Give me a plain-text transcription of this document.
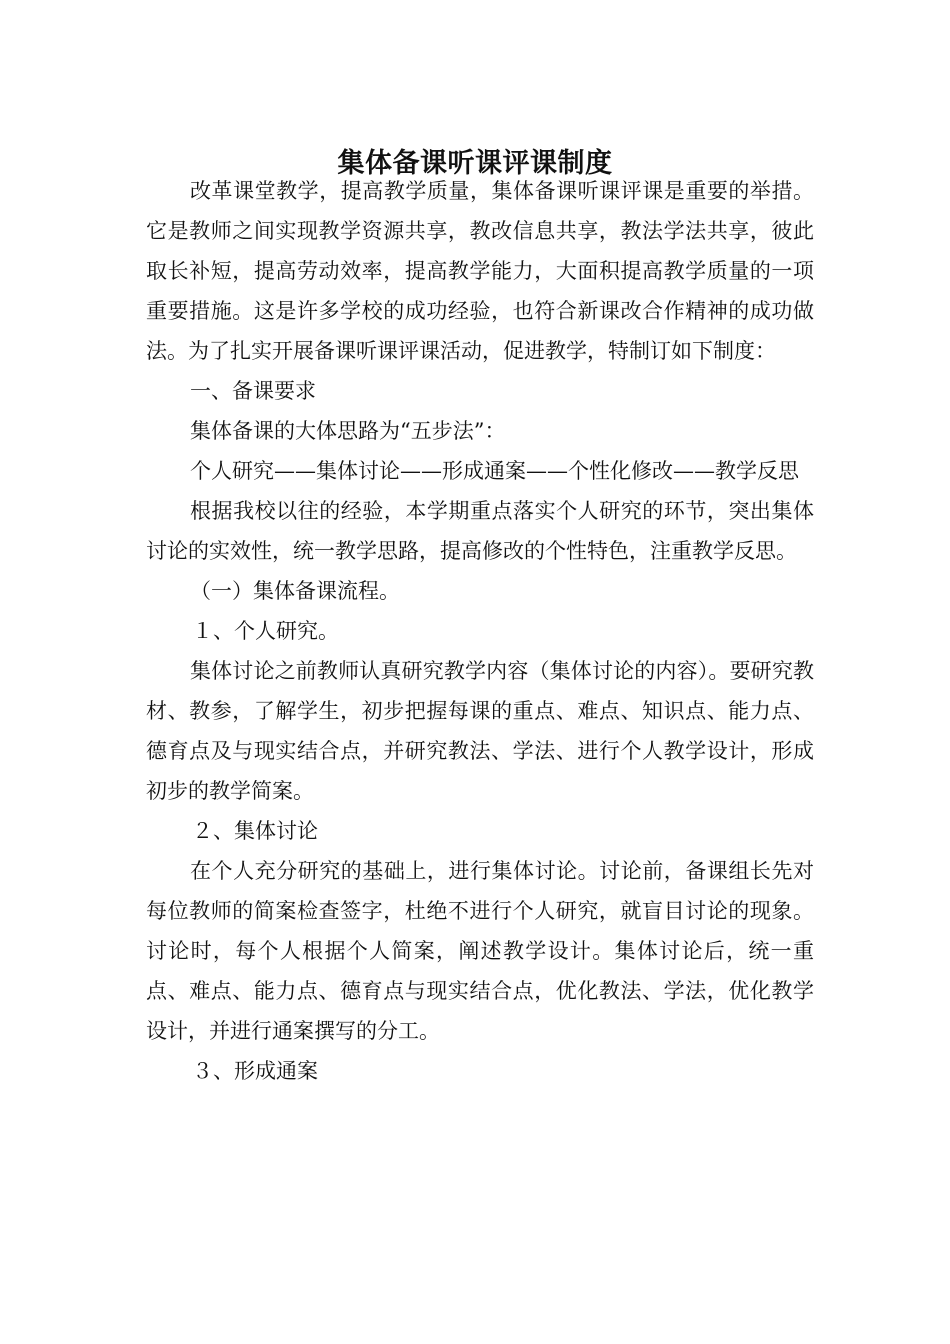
集体备课听课评课制度

改革课堂教学，提高教学质量，集体备课听课评课是重要的举措。它是教师之间实现教学资源共享，教改信息共享，教法学法共享，彼此取长补短，提高劳动效率，提高教学能力，大面积提高教学质量的一项重要措施。这是许多学校的成功经验，也符合新课改合作精神的成功做法。为了扎实开展备课听课评课活动，促进教学，特制订如下制度：

一、备课要求

集体备课的大体思路为“五步法”：

个人研究——集体讨论——形成通案——个性化修改——教学反思

根据我校以往的经验，本学期重点落实个人研究的环节，突出集体讨论的实效性，统一教学思路，提高修改的个性特色，注重教学反思。

（一）集体备课流程。

１、个人研究。

集体讨论之前教师认真研究教学内容（集体讨论的内容）。要研究教材、教参，了解学生，初步把握每课的重点、难点、知识点、能力点、德育点及与现实结合点，并研究教法、学法、进行个人教学设计，形成初步的教学简案。

２、集体讨论

在个人充分研究的基础上，进行集体讨论。讨论前，备课组长先对每位教师的简案检查签字，杜绝不进行个人研究，就盲目讨论的现象。讨论时，每个人根据个人简案，阐述教学设计。集体讨论后，统一重点、难点、能力点、德育点与现实结合点，优化教法、学法，优化教学设计，并进行通案撰写的分工。

３、形成通案
